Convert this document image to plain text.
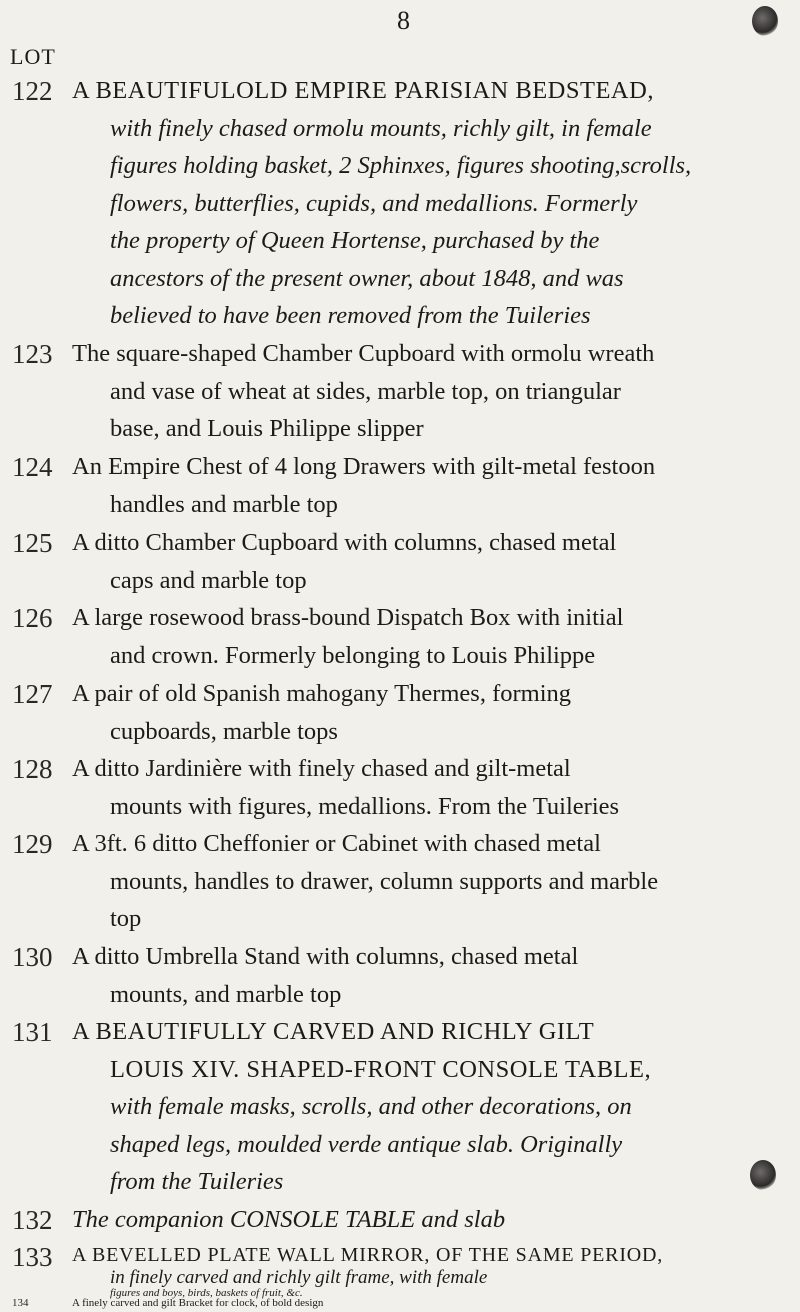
8
LOT
122 A BEAUTIFULOLD EMPIRE PARISIAN BEDSTEAD,
with finely chased ormolu mounts, richly gilt, in female
figures holding basket, 2 Sphinxes, figures shooting,scrolls,
flowers, butterflies, cupids, and medallions. Formerly
the property of Queen Hortense, purchased by the
ancestors of the present owner, about 1848, and was
believed to have been removed from the Tuileries
123 The square-shaped Chamber Cupboard with ormolu wreath
and vase of wheat at sides, marble top, on triangular
base, and Louis Philippe slipper
124 An Empire Chest of 4 long Drawers with gilt-metal festoon
handles and marble top
125 A ditto Chamber Cupboard with columns, chased metal
caps and marble top
126 A large rosewood brass-bound Dispatch Box with initial
and crown. Formerly belonging to Louis Philippe
127 A pair of old Spanish mahogany Thermes, forming
cupboards, marble tops
128 A ditto Jardinière with finely chased and gilt-metal
mounts with figures, medallions. From the Tuileries
129 A 3ft. 6 ditto Cheffonier or Cabinet with chased metal
mounts, handles to drawer, column supports and marble
top
130 A ditto Umbrella Stand with columns, chased metal
mounts, and marble top
131 A BEAUTIFULLY CARVED AND RICHLY GILT
LOUIS XIV. SHAPED-FRONT CONSOLE TABLE,
with female masks, scrolls, and other decorations, on
shaped legs, moulded verde antique slab. Originally
from the Tuileries
132 The companion CONSOLE TABLE and slab
133 A BEVELLED PLATE WALL MIRROR, OF THE SAME PERIOD,
in finely carved and richly gilt frame, with female
figures and boys, birds, baskets of fruit, &c.
134	A finely carved and gilt Bracket for clock, of bold design
